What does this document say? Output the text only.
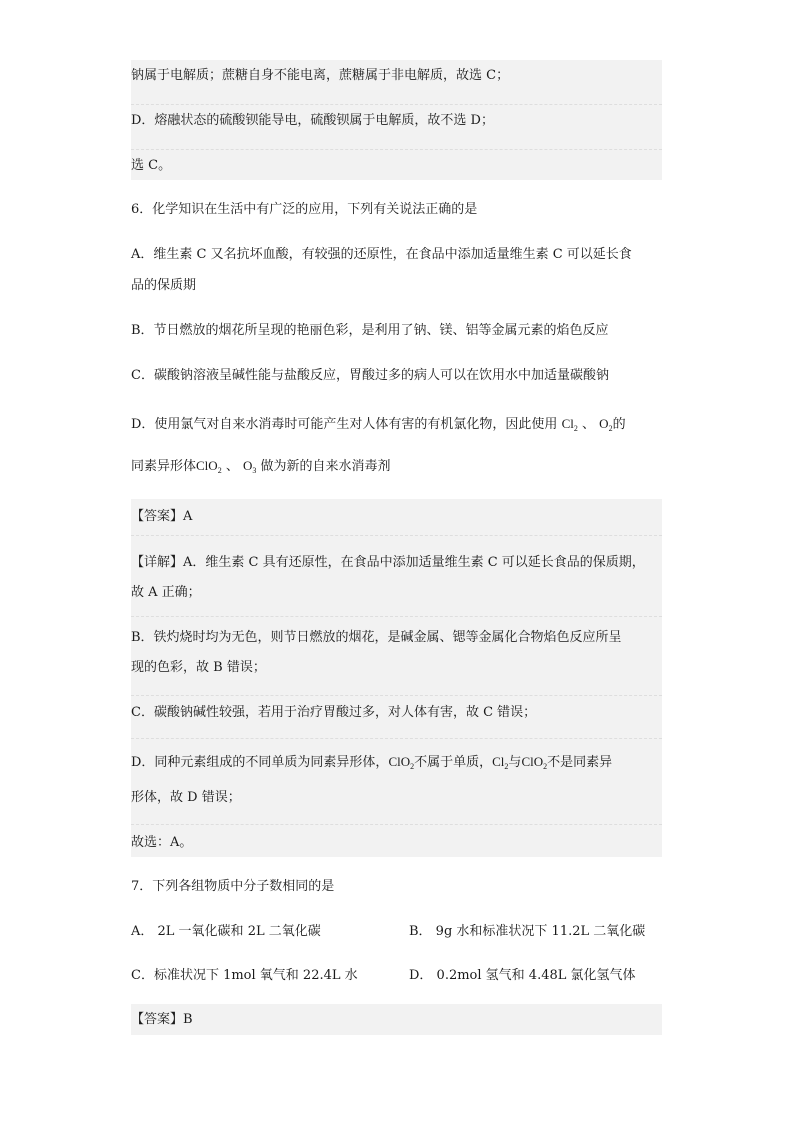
钠属于电解质；蔗糖自身不能电离，蔗糖属于非电解质，故选 C；
D．熔融状态的硫酸钡能导电，硫酸钡属于电解质，故不选 D；
选 C。
6．化学知识在生活中有广泛的应用，下列有关说法正确的是
A．维生素 C 又名抗坏血酸，有较强的还原性，在食品中添加适量维生素 C 可以延长食
品的保质期
B．节日燃放的烟花所呈现的艳丽色彩，是利用了钠、镁、铝等金属元素的焰色反应
C．碳酸钠溶液呈碱性能与盐酸反应，胃酸过多的病人可以在饮用水中加适量碳酸钠
D．使用氯气对自来水消毒时可能产生对人体有害的有机氯化物，因此使用 $Cl_2$ 、 $O_2$的
同素异形体ClO$_2$ 、 $O_3$ 做为新的自来水消毒剂
【答案】A
【详解】A．维生素 C 具有还原性，在食品中添加适量维生素 C 可以延长食品的保质期，
故 A 正确；
B．铁灼烧时均为无色，则节日燃放的烟花，是碱金属、锶等金属化合物焰色反应所呈
现的色彩，故 B 错误；
C．碳酸钠碱性较强，若用于治疗胃酸过多，对人体有害，故 C 错误；
D．同种元素组成的不同单质为同素异形体，ClO$_2$不属于单质，$Cl_2$与ClO$_2$不是同素异
形体，故 D 错误；
故选：A。
7．下列各组物质中分子数相同的是
A． 2L 一氧化碳和 2L 二氧化碳	B． 9g 水和标准状况下 11.2L 二氧化碳
C．标准状况下 1mol 氧气和 22.4L 水	D． 0.2mol 氢气和 4.48L 氯化氢气体
【答案】B
